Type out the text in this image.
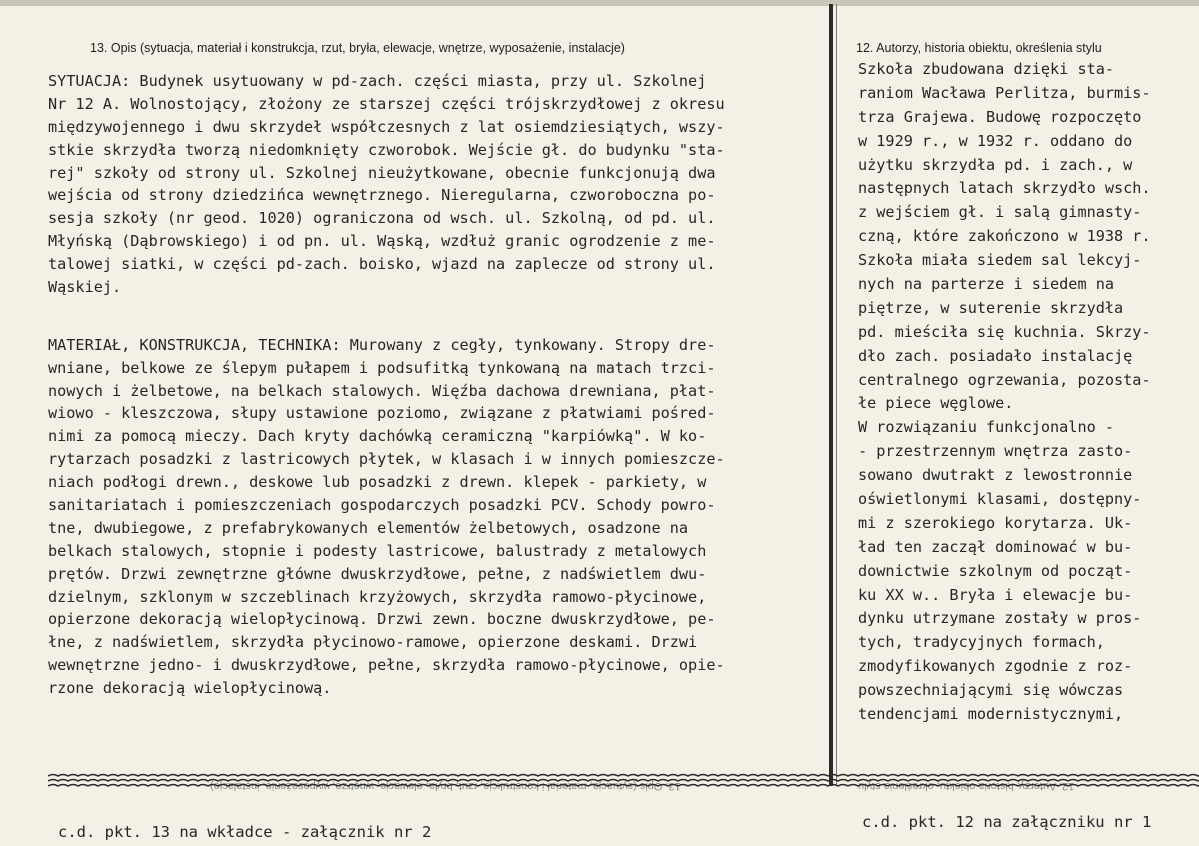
13. Opis (sytuacja, materiał i konstrukcja, rzut, bryła, elewacje, wnętrze, wyposażenie, instalacje)	12. Autorzy, historia obiektu, określenia stylu
SYTUACJA: Budynek usytuowany w pd-zach. części miasta, przy ul. Szkolnej
Nr 12 A. Wolnostojący, złożony ze starszej części trójskrzydłowej z okresu
międzywojennego i dwu skrzydeł współczesnych z lat osiemdziesiątych, wszy-
stkie skrzydła tworzą niedomknięty czworobok. Wejście gł. do budynku "sta-
rej" szkoły od strony ul. Szkolnej nieużytkowane, obecnie funkcjonują dwa
wejścia od strony dziedzińca wewnętrznego. Nieregularna, czworoboczna po-
sesja szkoły (nr geod. 1020) ograniczona od wsch. ul. Szkolną, od pd. ul.
Młyńską (Dąbrowskiego) i od pn. ul. Wąską, wzdłuż granic ogrodzenie z me-
talowej siatki, w części pd-zach. boisko, wjazd na zaplecze od strony ul.
Wąskiej.
MATERIAŁ, KONSTRUKCJA, TECHNIKA: Murowany z cegły, tynkowany. Stropy dre-
wniane, belkowe ze ślepym pułapem i podsufitką tynkowaną na matach trzci-
nowych i żelbetowe, na belkach stalowych. Więźba dachowa drewniana, płat-
wiowo - kleszczowa, słupy ustawione poziomo, związane z płatwiami pośred-
nimi za pomocą mieczy. Dach kryty dachówką ceramiczną "karpiówką". W ko-
rytarzach posadzki z lastricowych płytek, w klasach i w innych pomieszcze-
niach podłogi drewn., deskowe lub posadzki z drewn. klepek - parkiety, w
sanitariatach i pomieszczeniach gospodarczych posadzki PCV. Schody powro-
tne, dwubiegowe, z prefabrykowanych elementów żelbetowych, osadzone na
belkach stalowych, stopnie i podesty lastricowe, balustrady z metalowych
prętów. Drzwi zewnętrzne główne dwuskrzydłowe, pełne, z nadświetlem dwu-
dzielnym, szklonym w szczeblinach krzyżowych, skrzydła ramowo-płycinowe,
opierzone dekoracją wielopłycinową. Drzwi zewn. boczne dwuskrzydłowe, pe-
łne, z nadświetlem, skrzydła płycinowo-ramowe, opierzone deskami. Drzwi
wewnętrzne jedno- i dwuskrzydłowe, pełne, skrzydła ramowo-płycinowe, opie-
rzone dekoracją wielopłycinową.
Szkoła zbudowana dzięki sta-
raniom Wacława Perlitza, burmis-
trza Grajewa. Budowę rozpoczęto
w 1929 r., w 1932 r. oddano do
użytku skrzydła pd. i zach., w
następnych latach skrzydło wsch.
z wejściem gł. i salą gimnasty-
czną, które zakończono w 1938 r.
Szkoła miała siedem sal lekcyj-
nych na parterze i siedem na
piętrze, w suterenie skrzydła
pd. mieściła się kuchnia. Skrzy-
dło zach. posiadało instalację
centralnego ogrzewania, pozosta-
łe piece węglowe.
W rozwiązaniu funkcjonalno -
- przestrzennym wnętrza zasto-
sowano dwutrakt z lewostronnie
oświetlonymi klasami, dostępny-
mi z szerokiego korytarza. Uk-
ład ten zaczął dominować w bu-
downictwie szkolnym od począt-
ku XX w.. Bryła i elewacje bu-
dynku utrzymane zostały w pros-
tych, tradycyjnych formach,
zmodyfikowanych zgodnie z roz-
powszechniającymi się wówczas
tendencjami modernistycznymi,
13. Opis (sytuacja, materiał i konstrukcja, rzut, bryła, elewacje, wnętrze, wyposażenie, instalacje)	12. Autorzy, historia obiektu, określenia stylu
c.d. pkt. 13 na wkładce - załącznik nr 2
c.d. pkt. 12 na załączniku nr 1
